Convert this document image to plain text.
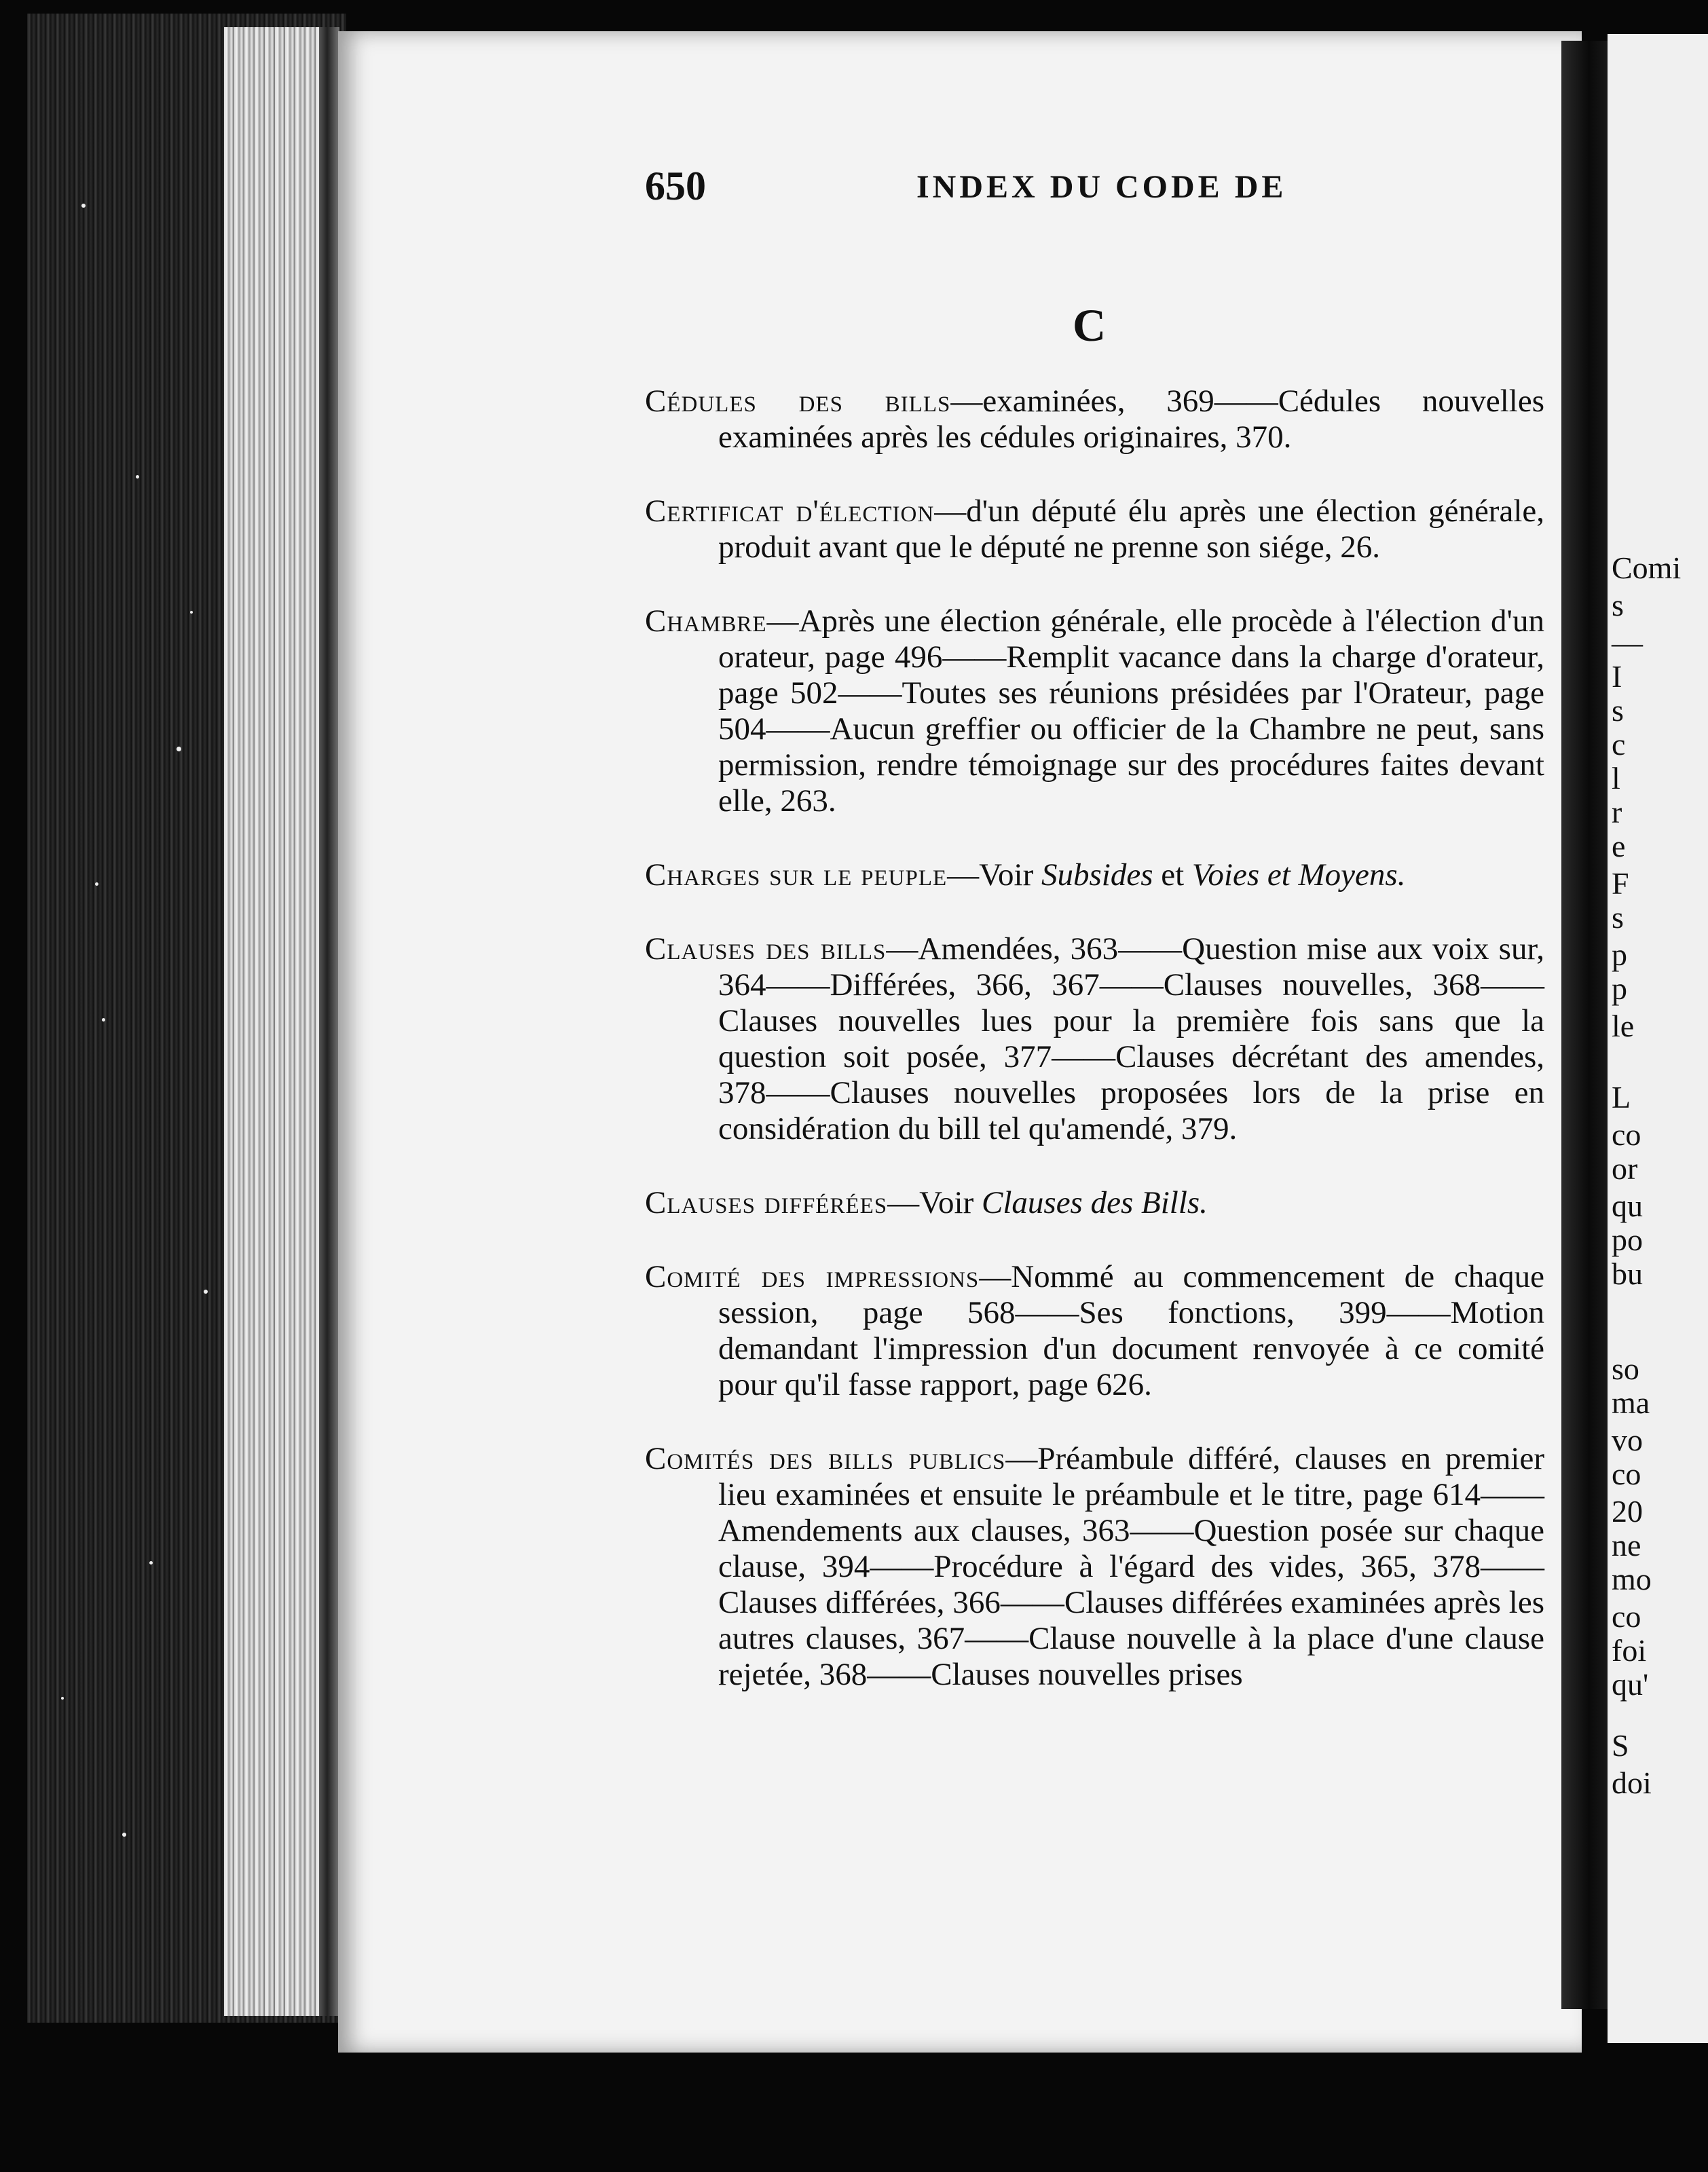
Comi
s
—
I
s
c
l
r
e
F
s
p
p
le
L
co
or
qu
po
bu
so
ma
vo
co
20
ne
mo
co
foi
qu'
S
doi
650	INDEX DU CODE DE
C

Cédules des bills—examinées, 369——Cédules nouvelles examinées après les cédules originaires, 370.

Certificat d'élection—d'un député élu après une élection générale, produit avant que le député ne prenne son siége, 26.

Chambre—Après une élection générale, elle procède à l'élection d'un orateur, page 496——Remplit vacance dans la charge d'orateur, page 502——Toutes ses réunions présidées par l'Orateur, page 504——Aucun greffier ou officier de la Chambre ne peut, sans permission, rendre témoignage sur des procédures faites devant elle, 263.

Charges sur le peuple—Voir Subsides et Voies et Moyens.

Clauses des bills—Amendées, 363——Question mise aux voix sur, 364——Différées, 366, 367——Clauses nouvelles, 368——Clauses nouvelles lues pour la première fois sans que la question soit posée, 377——Clauses décrétant des amendes, 378——Clauses nouvelles proposées lors de la prise en considération du bill tel qu'amendé, 379.

Clauses différées—Voir Clauses des Bills.

Comité des impressions—Nommé au commencement de chaque session, page 568——Ses fonctions, 399——Motion demandant l'impression d'un document renvoyée à ce comité pour qu'il fasse rapport, page 626.

Comités des bills publics—Préambule différé, clauses en premier lieu examinées et ensuite le préambule et le titre, page 614——Amendements aux clauses, 363——Question posée sur chaque clause, 394——Procédure à l'égard des vides, 365, 378——Clauses différées, 366——Clauses différées examinées après les autres clauses, 367——Clause nouvelle à la place d'une clause rejetée, 368——Clauses nouvelles prises
